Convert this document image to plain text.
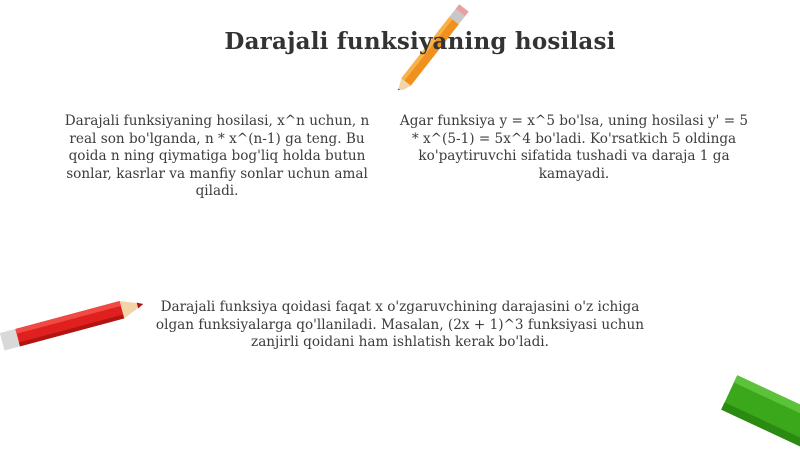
Darajali funksiyaning hosilasi
Darajali funksiyaning hosilasi, x^n uchun, n real son bo'lganda, n * x^(n-1) ga teng. Bu qoida n ning qiymatiga bog'liq holda butun sonlar, kasrlar va manfiy sonlar uchun amal qiladi.
Agar funksiya y = x^5 bo'lsa, uning hosilasi y' = 5 * x^(5-1) = 5x^4 bo'ladi. Ko'rsatkich 5 oldinga ko'paytiruvchi sifatida tushadi va daraja 1 ga kamayadi.
Darajali funksiya qoidasi faqat x o'zgaruvchining darajasini o'z ichiga olgan funksiyalarga qo'llaniladi. Masalan, (2x + 1)^3 funksiyasi uchun zanjirli qoidani ham ishlatish kerak bo'ladi.
